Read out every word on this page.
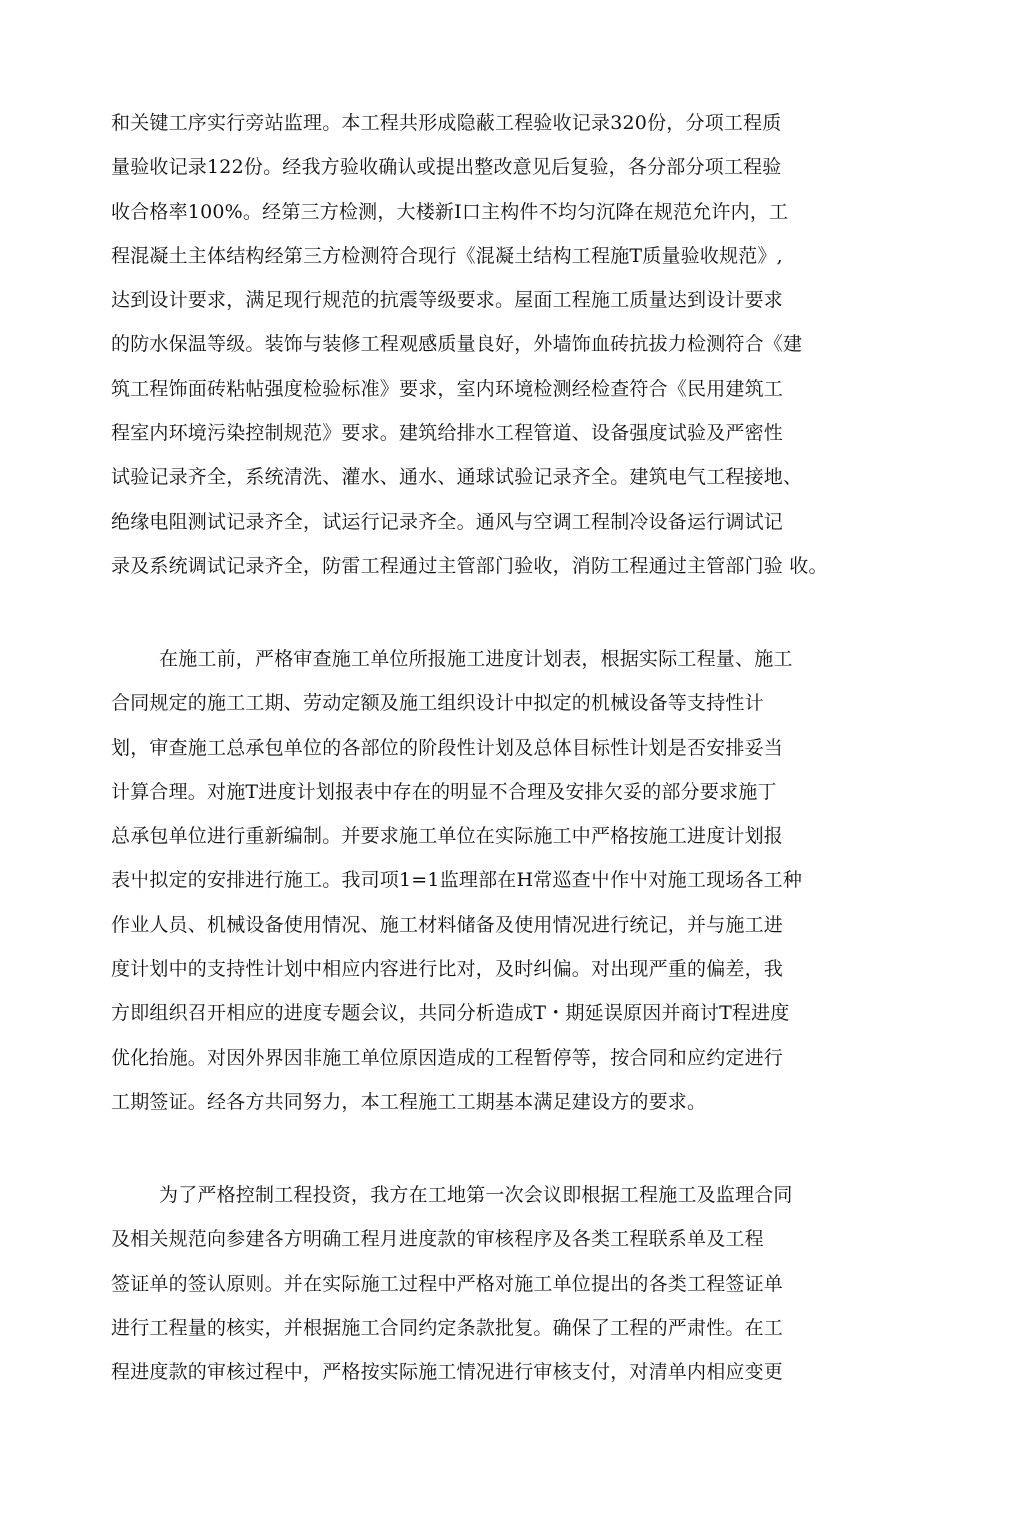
和关键工序实行旁站监理。本工程共形成隐蔽工程验收记录320份，分项工程质
量验收记录122份。经我方验收确认或提出整改意见后复验，各分部分项工程验
收合格率100%。经第三方检测，大楼新I口主构件不均匀沉降在规范允许内，工
程混凝土主体结构经第三方检测符合现行《混凝土结构工程施T质量验收规范》,
达到设计要求，满足现行规范的抗震等级要求。屋面工程施工质量达到设计要求
的防水保温等级。装饰与装修工程观感质量良好，外墙饰血砖抗拔力检测符合《建
筑工程饰面砖粘帖强度检验标准》要求，室内环境检测经检查符合《民用建筑工
程室内环境污染控制规范》要求。建筑给排水工程管道、设备强度试验及严密性
试验记录齐全，系统清洗、灌水、通水、通球试验记录齐全。建筑电气工程接地、
绝缘电阻测试记录齐全，试运行记录齐全。通风与空调工程制冷设备运行调试记
录及系统调试记录齐全，防雷工程通过主管部门验收，消防工程通过主管部门验 收。
在施工前，严格审查施工单位所报施工进度计划表，根据实际工程量、施工
合同规定的施工工期、劳动定额及施工组织设计中拟定的机械设备等支持性计
划，审查施工总承包单位的各部位的阶段性计划及总体目标性计划是否安排妥当
计算合理。对施T进度计划报表中存在的明显不合理及安排欠妥的部分要求施丁
总承包单位进行重新编制。并要求施工单位在实际施工中严格按施工进度计划报
表屮拟定的安排进行施工。我司项1=1监理部在H常巡查屮作屮对施工现场各工种
作业人员、机械设备使用情况、施工材料储备及使用情况进行统记，并与施工进
度计划中的支持性计划中相应内容进行比对，及时纠偏。对出现严重的偏差，我
方即组织召开相应的进度专题会议，共同分析造成T・期延误原因并商讨T程进度
优化抬施。对因外界因非施工单位原因造成的工程暂停等，按合同和应约定进行
工期签证。经各方共同努力，本工程施工工期基本满足建设方的要求。
为了严格控制工程投资，我方在工地第一次会议即根据工程施工及监理合同
及相关规范向参建各方明确工程月进度款的审核程序及各类工程联系单及工程
签证单的签认原则。并在实际施工过程中严格对施工单位提出的各类工程签证单
进行工程量的核实，并根据施工合同约定条款批复。确保了工程的严肃性。在工
程进度款的审核过程中，严格按实际施工情况进行审核支付，对清单内相应变更
